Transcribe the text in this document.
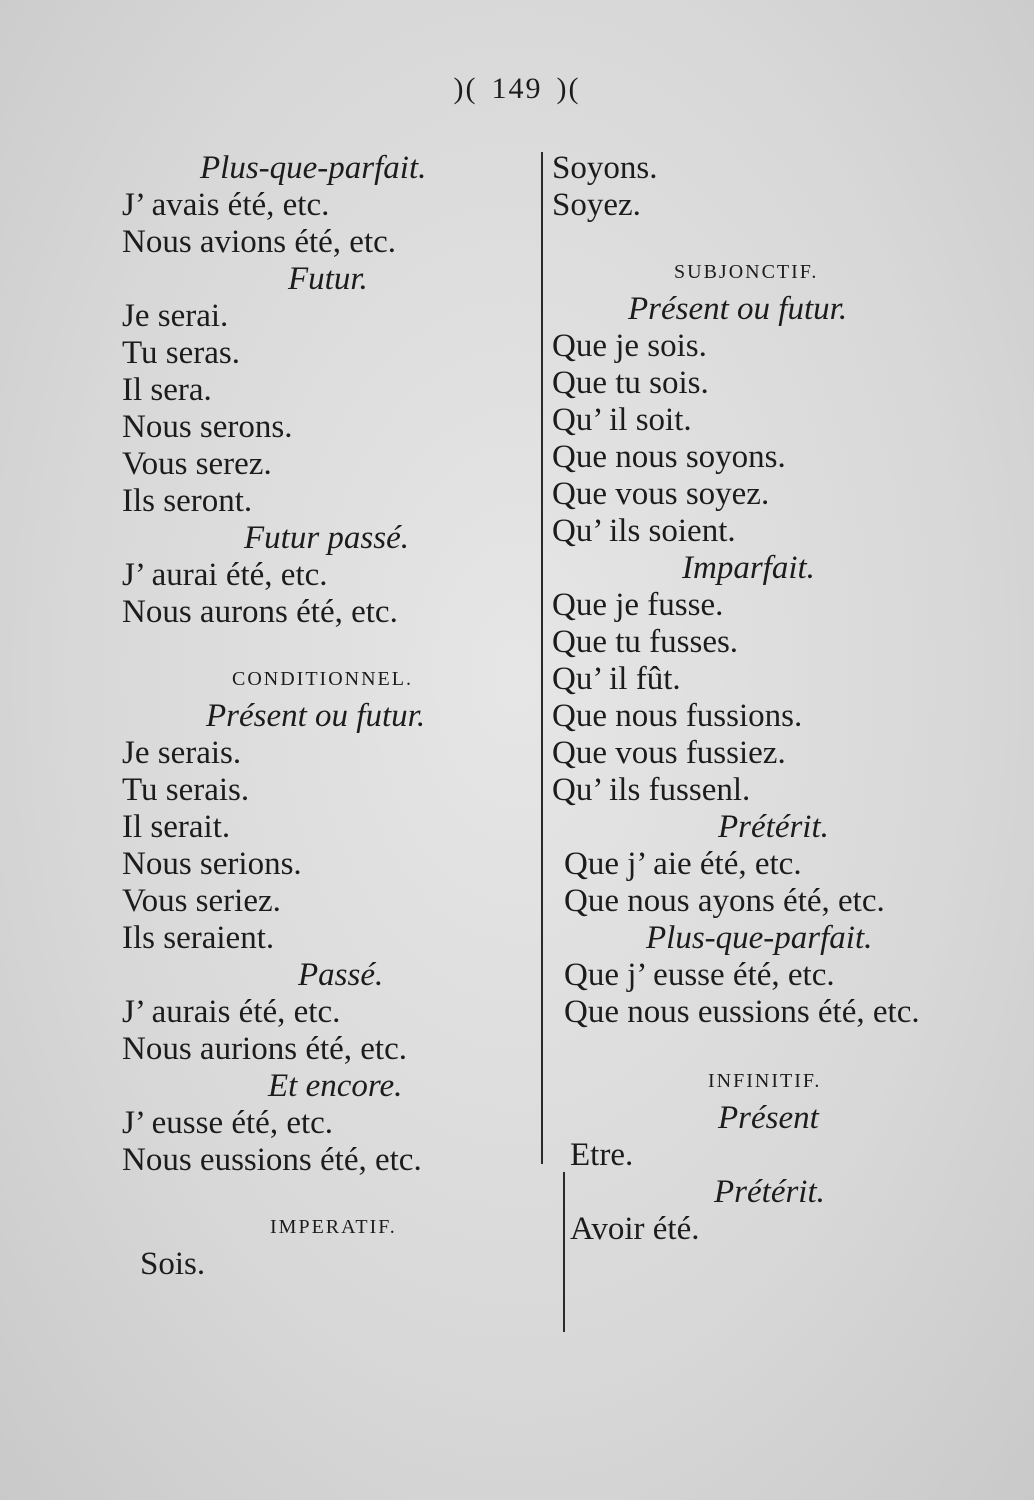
)( 149 )(
Plus-que-parfait.
J’ avais été, etc.
Nous avions été, etc.
Futur.
Je serai.
Tu seras.
Il sera.
Nous serons.
Vous serez.
Ils seront.
Futur passé.
J’ aurai été, etc.
Nous aurons été, etc.
CONDITIONNEL.
Présent ou futur.
Je serais.
Tu serais.
Il serait.
Nous serions.
Vous seriez.
Ils seraient.
Passé.
J’ aurais été, etc.
Nous aurions été, etc.
Et encore.
J’ eusse été, etc.
Nous eussions été, etc.
IMPERATIF.
Sois.
Soyons.
Soyez.
SUBJONCTIF.
Présent ou futur.
Que je sois.
Que tu sois.
Qu’ il soit.
Que nous soyons.
Que vous soyez.
Qu’ ils soient.
Imparfait.
Que je fusse.
Que tu fusses.
Qu’ il fût.
Que nous fussions.
Que vous fussiez.
Qu’ ils fussenl.
Prétérit.
Que j’ aie été, etc.
Que nous ayons été, etc.
Plus-que-parfait.
Que j’ eusse été, etc.
Que nous eussions été, etc.
INFINITIF.
Présent
Etre.
Prétérit.
Avoir été.
